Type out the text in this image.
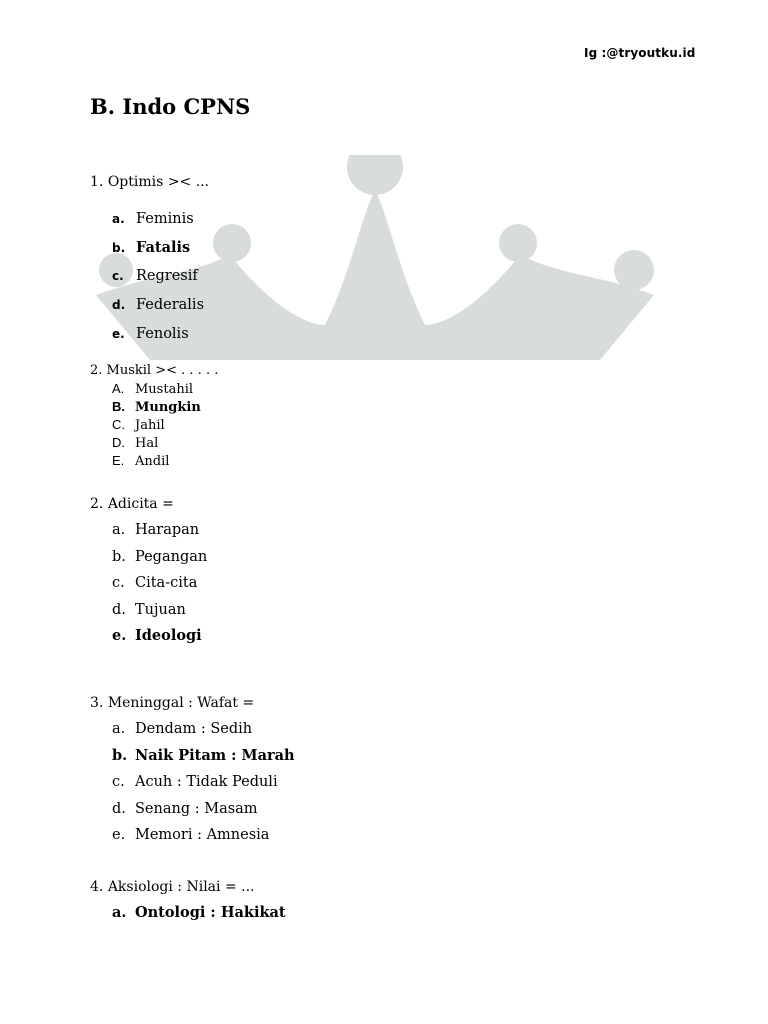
Ig :@tryoutku.id
B. Indo CPNS
1. Optimis >< ...
a. Feminis
b. Fatalis
c. Regresif
d. Federalis
e. Fenolis
2. Muskil >< . . . . .
A. Mustahil
B. Mungkin
C. Jahil
D. Hal
E. Andil
2. Adicita =
a. Harapan
b. Pegangan
c. Cita-cita
d. Tujuan
e. Ideologi
3. Meninggal : Wafat =
a. Dendam : Sedih
b. Naik Pitam : Marah
c. Acuh : Tidak Peduli
d. Senang : Masam
e. Memori : Amnesia
4. Aksiologi : Nilai = ...
a. Ontologi : Hakikat
